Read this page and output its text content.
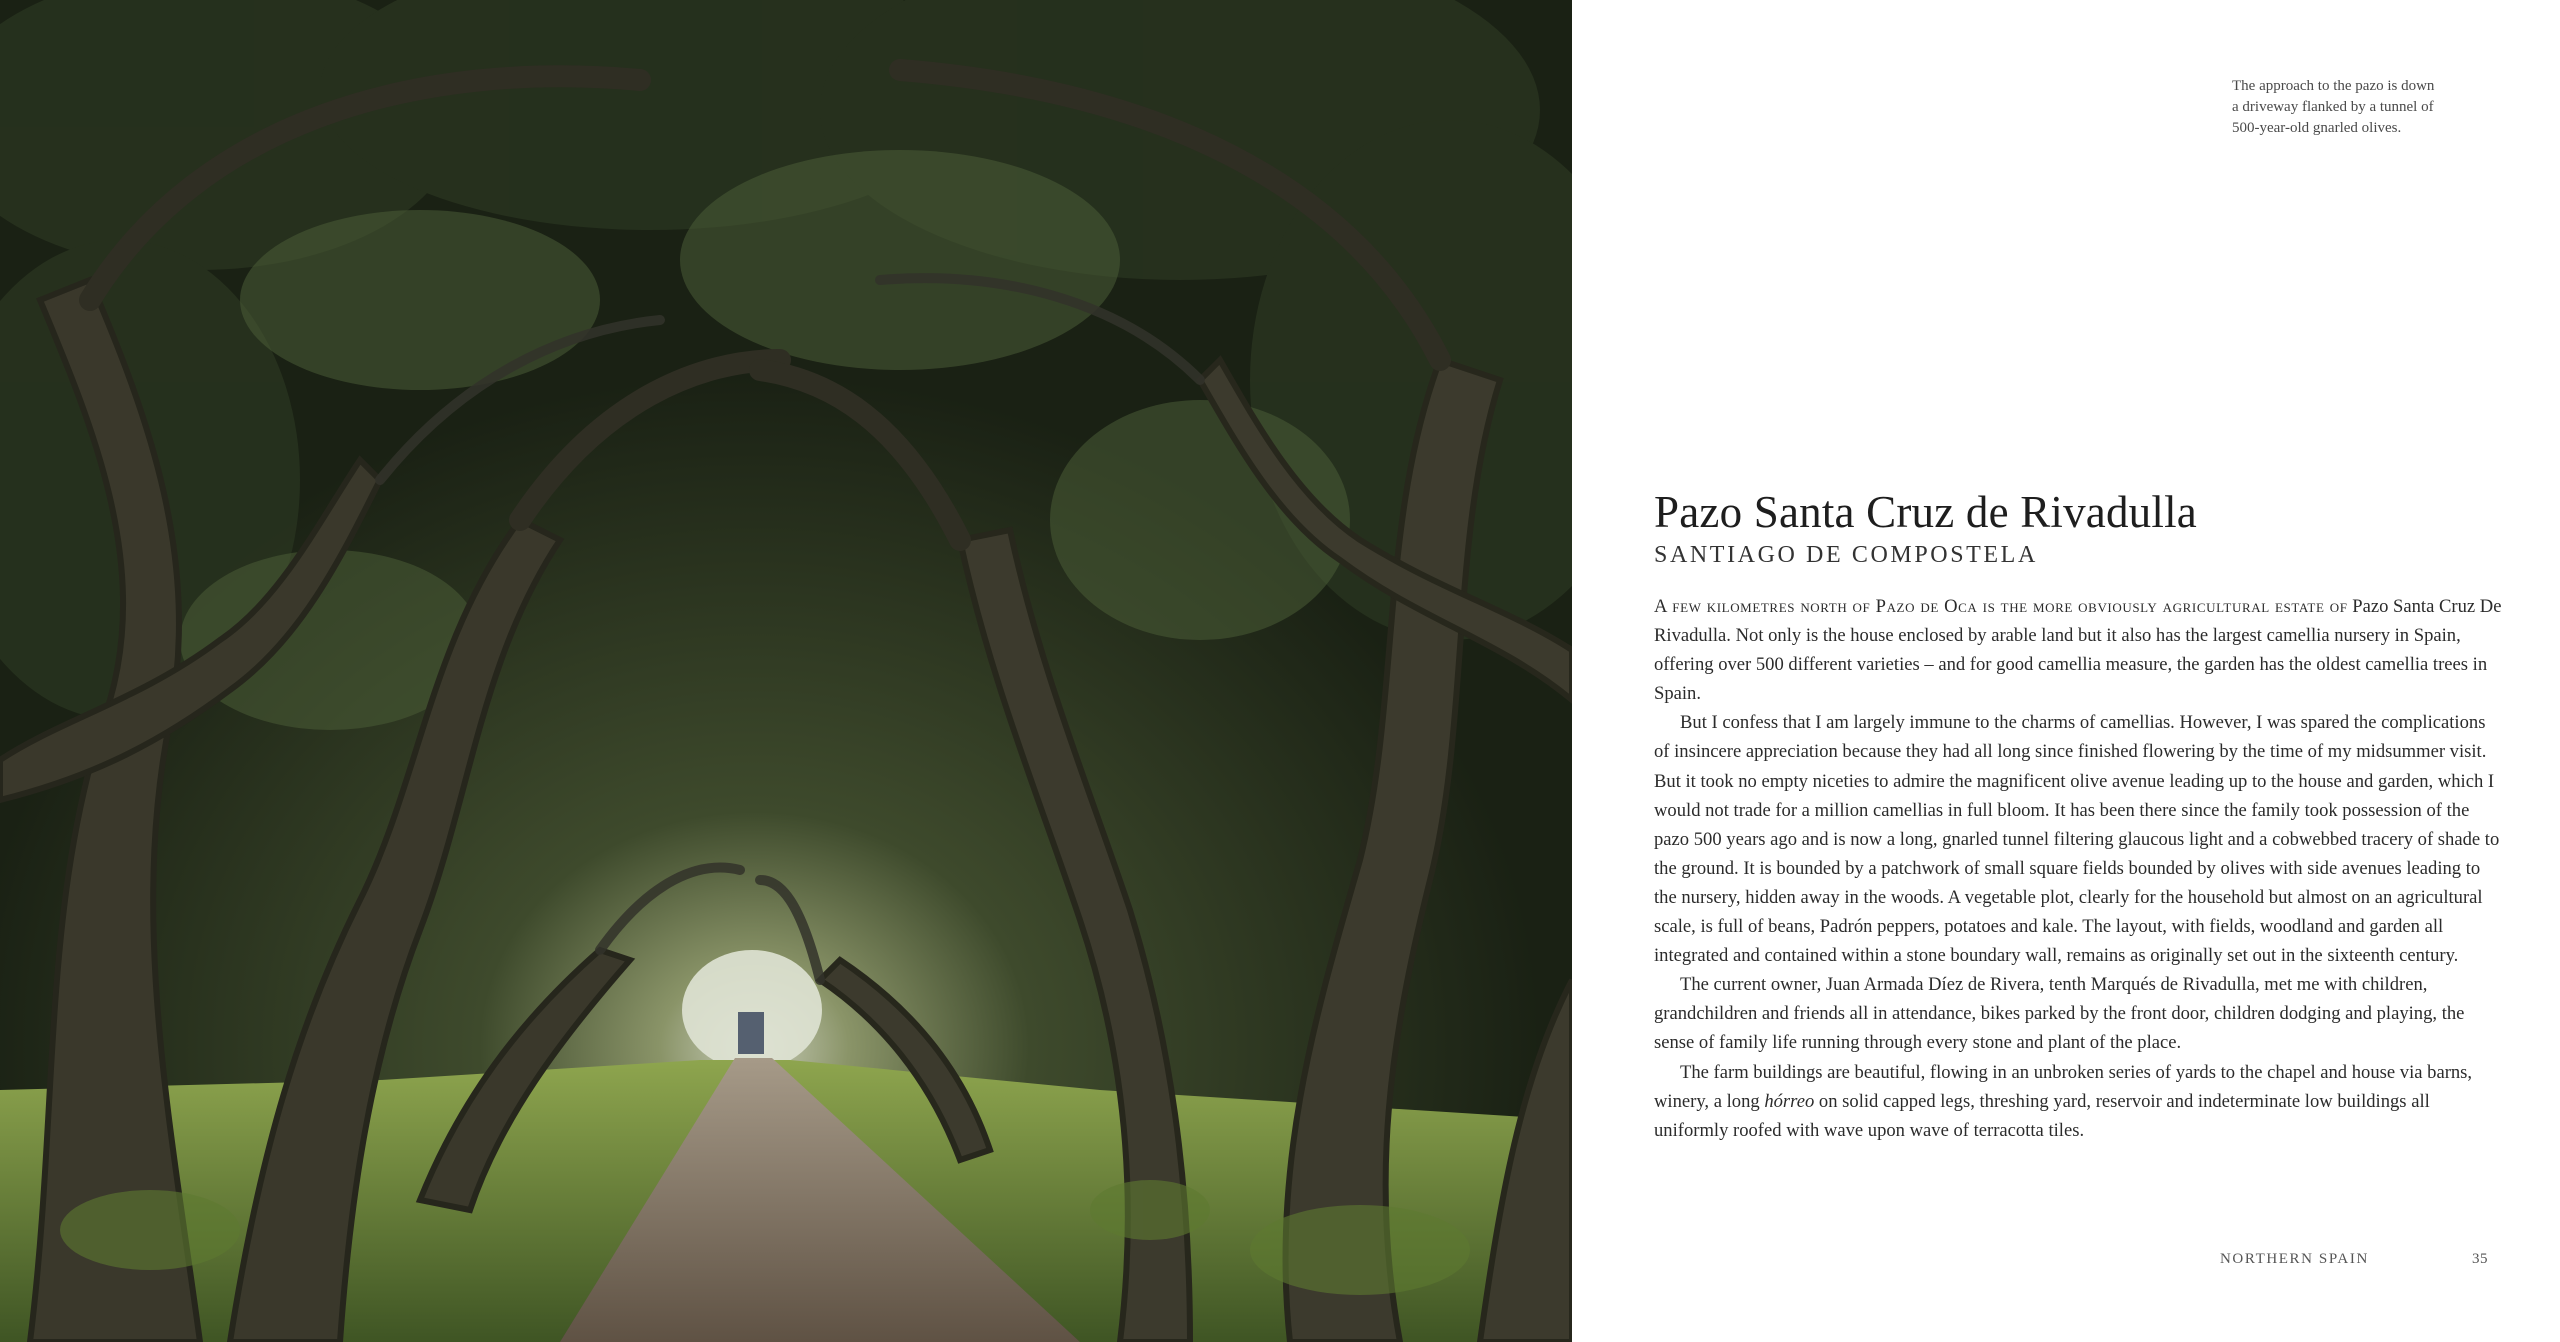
The approach to the pazo is down

a driveway flanked by a tunnel of

500-year-old gnarled olives.

Pazo Santa Cruz de Rivadulla
SANTIAGO DE COMPOSTELA

A few kilometres north of Pazo de Oca is the more obviously agricultural estate of Pazo Santa Cruz De Rivadulla. Not only is the house enclosed by arable land but it also has the largest camellia nursery in Spain, offering over 500 different varieties – and for good camellia measure, the garden has the oldest camellia trees in Spain.

But I confess that I am largely immune to the charms of camellias. However, I was spared the complications of insincere appreciation because they had all long since finished flowering by the time of my midsummer visit. But it took no empty niceties to admire the magnificent olive avenue leading up to the house and garden, which I would not trade for a million camellias in full bloom. It has been there since the family took possession of the pazo 500 years ago and is now a long, gnarled tunnel filtering glaucous light and a cobwebbed tracery of shade to the ground. It is bounded by a patchwork of small square fields bounded by olives with side avenues leading to the nursery, hidden away in the woods. A vegetable plot, clearly for the household but almost on an agricultural scale, is full of beans, Padrón peppers, potatoes and kale. The layout, with fields, woodland and garden all integrated and contained within a stone boundary wall, remains as originally set out in the sixteenth century.

The current owner, Juan Armada Díez de Rivera, tenth Marqués de Rivadulla, met me with children, grandchildren and friends all in attendance, bikes parked by the front door, children dodging and playing, the sense of family life running through every stone and plant of the place.

The farm buildings are beautiful, flowing in an unbroken series of yards to the chapel and house via barns, winery, a long hórreo on solid capped legs, threshing yard, reservoir and indeterminate low buildings all uniformly roofed with wave upon wave of terracotta tiles.

NORTHERN SPAIN	35
